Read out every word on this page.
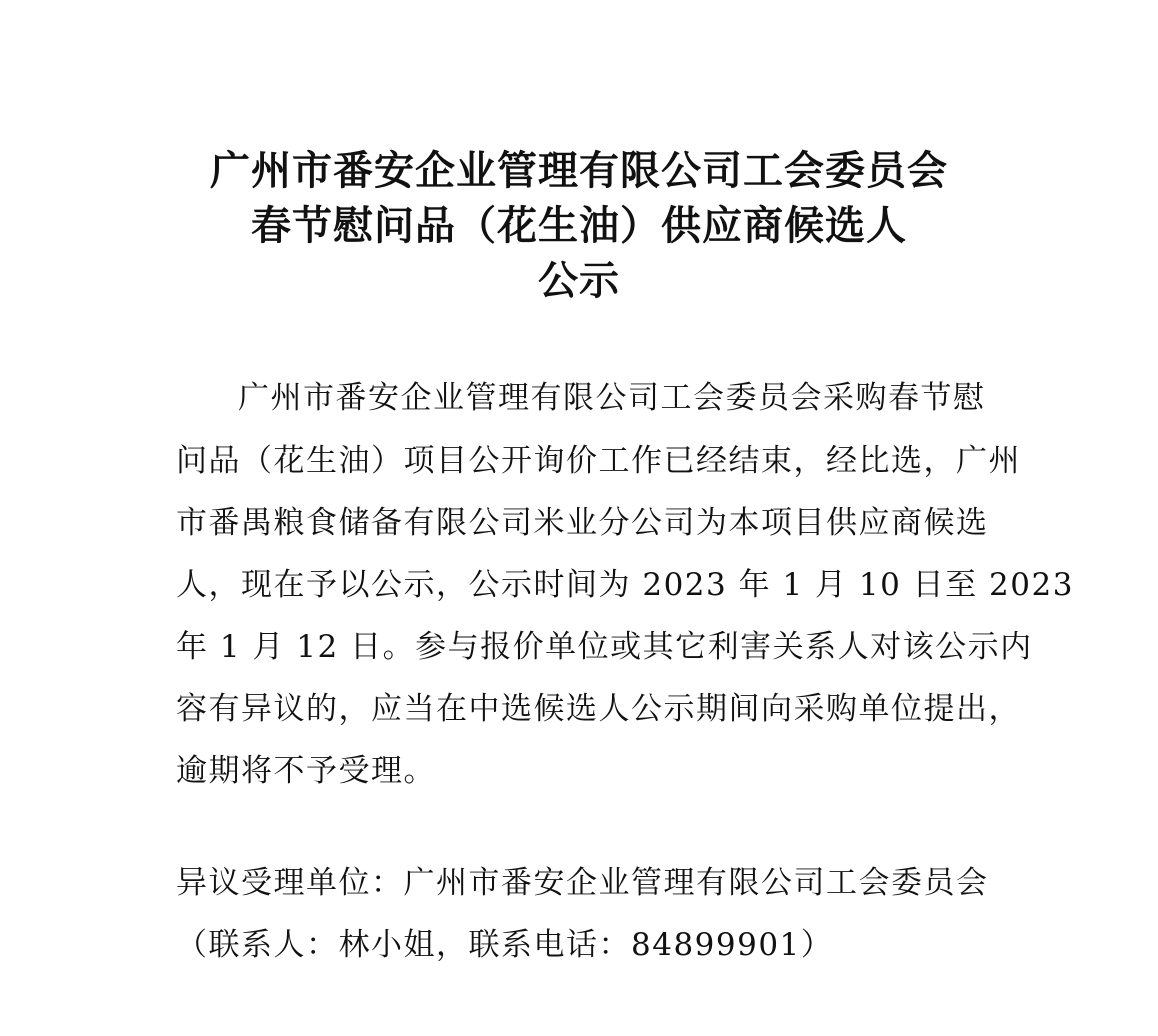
广州市番安企业管理有限公司工会委员会
春节慰问品（花生油）供应商候选人
公示
广州市番安企业管理有限公司工会委员会采购春节慰
问品（花生油）项目公开询价工作已经结束，经比选，广州
市番禺粮食储备有限公司米业分公司为本项目供应商候选
人，现在予以公示，公示时间为 2023 年 1 月 10 日至 2023
年 1 月 12 日。参与报价单位或其它利害关系人对该公示内
容有异议的，应当在中选候选人公示期间向采购单位提出，
逾期将不予受理。
异议受理单位：广州市番安企业管理有限公司工会委员会
（联系人：林小姐，联系电话：84899901）
